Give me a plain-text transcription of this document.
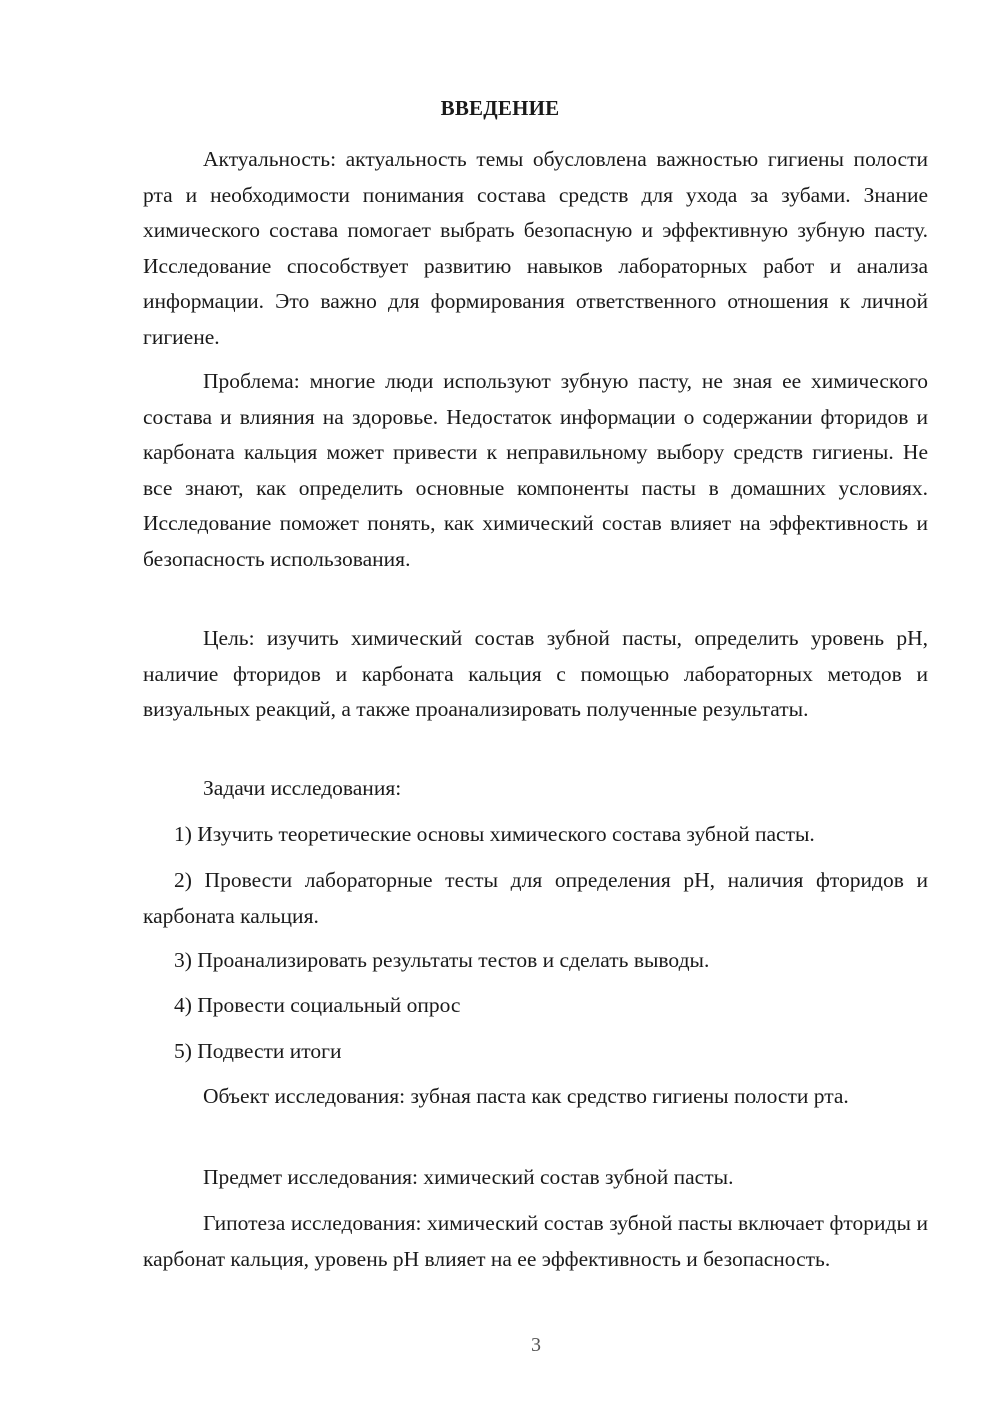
ВВЕДЕНИЕ

Актуальность: актуальность темы обусловлена важностью гигиены полости рта и необходимости понимания состава средств для ухода за зубами. Знание химического состава помогает выбрать безопасную и эффективную зубную пасту. Исследование способствует развитию навыков лабораторных работ и анализа информации. Это важно для формирования ответственного отношения к личной гигиене.

Проблема: многие люди используют зубную пасту, не зная ее химического состава и влияния на здоровье. Недостаток информации о содержании фторидов и карбоната кальция может привести к неправильному выбору средств гигиены. Не все знают, как определить основные компоненты пасты в домашних условиях. Исследование поможет понять, как химический состав влияет на эффективность и безопасность использования.

Цель: изучить химический состав зубной пасты, определить уровень pH, наличие фторидов и карбоната кальция с помощью лабораторных методов и визуальных реакций, а также проанализировать полученные результаты.

Задачи исследования:

1) Изучить теоретические основы химического состава зубной пасты.

2) Провести лабораторные тесты для определения pH, наличия фторидов и карбоната кальция.

3) Проанализировать результаты тестов и сделать выводы.

4) Провести социальный опрос

5) Подвести итоги

Объект исследования: зубная паста как средство гигиены полости рта.

Предмет исследования: химический состав зубной пасты.

Гипотеза исследования: химический состав зубной пасты включает фториды и карбонат кальция, уровень pH влияет на ее эффективность и безопасность.

3
